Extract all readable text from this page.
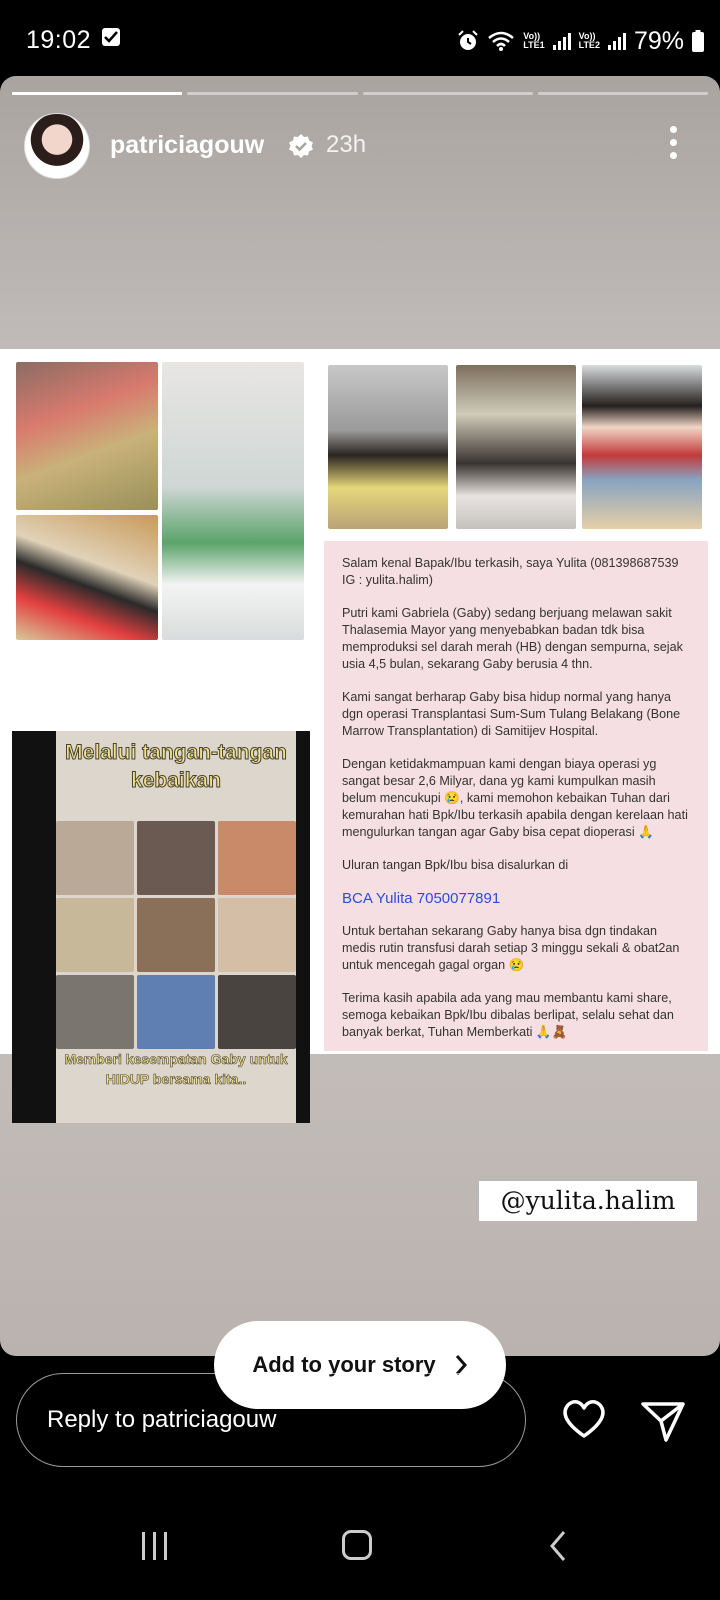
19:02	Vo))
LTE1
Vo))
LTE2 79%
patriciagouw	23h
Melalui tangan-tangan kebaikan
Memberi kesempatan Gaby untuk HIDUP bersama kita..

Salam kenal Bapak/Ibu terkasih, saya Yulita (081398687539 IG : yulita.halim)

Putri kami Gabriela (Gaby) sedang berjuang melawan sakit Thalasemia Mayor yang menyebabkan badan tdk bisa memproduksi sel darah merah (HB) dengan sempurna, sejak usia 4,5 bulan, sekarang Gaby berusia 4 thn.

Kami sangat berharap Gaby bisa hidup normal yang hanya dgn operasi Transplantasi Sum-Sum Tulang Belakang (Bone Marrow Transplantation) di Samitijev Hospital.

Dengan ketidakmampuan kami dengan biaya operasi yg sangat besar 2,6 Milyar, dana yg kami kumpulkan masih belum mencukupi 😢, kami memohon kebaikan Tuhan dari kemurahan hati Bpk/Ibu terkasih apabila dengan kerelaan hati mengulurkan tangan agar Gaby bisa cepat dioperasi 🙏

Uluran tangan Bpk/Ibu bisa disalurkan di

BCA Yulita 7050077891

Untuk bertahan sekarang Gaby hanya bisa dgn tindakan medis rutin transfusi darah setiap 3 minggu sekali & obat2an untuk mencegah gagal organ 😢

Terima kasih apabila ada yang mau membantu kami share, semoga kebaikan Bpk/Ibu dibalas berlipat, selalu sehat dan banyak berkat, Tuhan Memberkati 🙏🧸

@yulita.halim
Add to your story
Reply to patriciagouw
